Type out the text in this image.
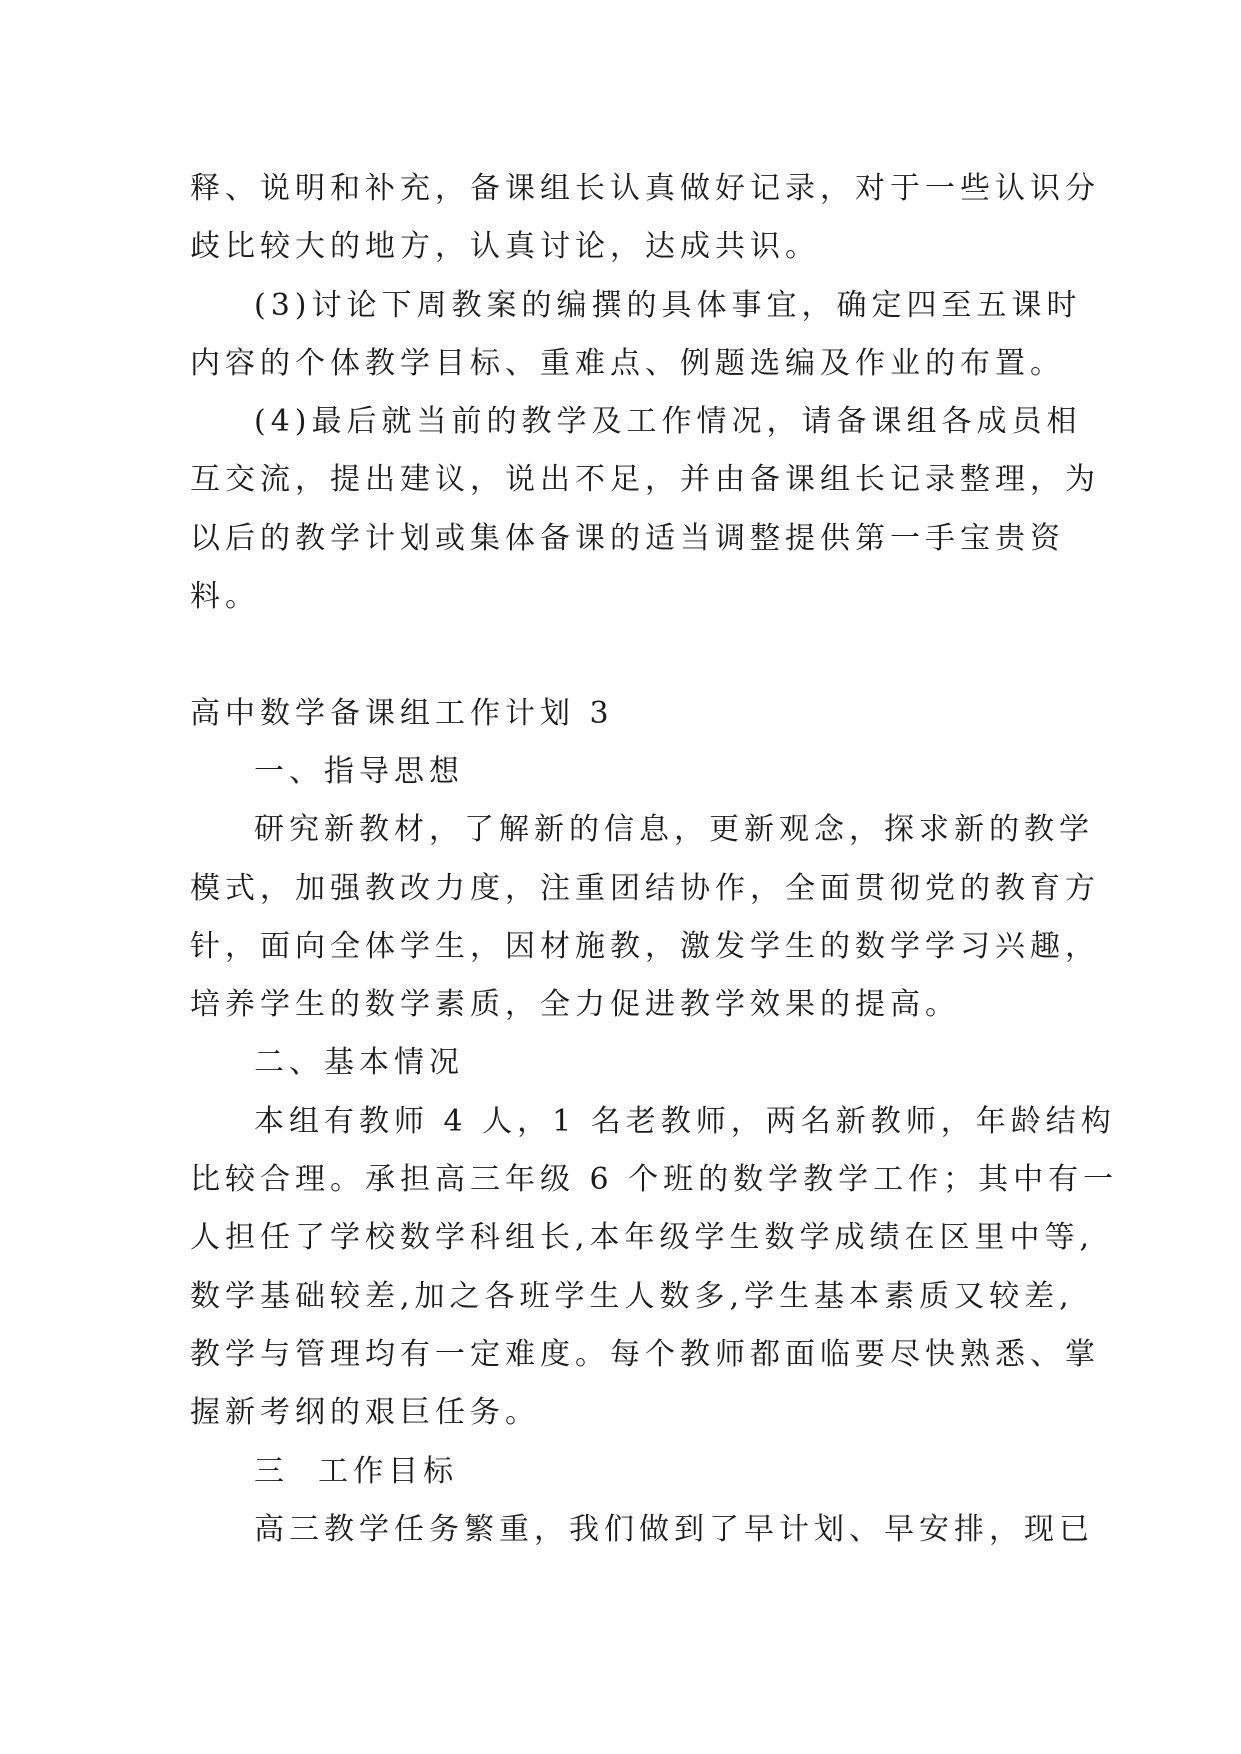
释、说明和补充，备课组长认真做好记录，对于一些认识分
歧比较大的地方，认真讨论，达成共识。
(3)讨论下周教案的编撰的具体事宜，确定四至五课时
内容的个体教学目标、重难点、例题选编及作业的布置。
(4)最后就当前的教学及工作情况，请备课组各成员相
互交流，提出建议，说出不足，并由备课组长记录整理，为
以后的教学计划或集体备课的适当调整提供第一手宝贵资
料。
高中数学备课组工作计划 3
一、指导思想
研究新教材，了解新的信息，更新观念，探求新的教学
模式，加强教改力度，注重团结协作，全面贯彻党的教育方
针，面向全体学生，因材施教，激发学生的数学学习兴趣，
培养学生的数学素质，全力促进教学效果的提高。
二、基本情况
本组有教师 4 人，1 名老教师，两名新教师，年龄结构
比较合理。承担高三年级 6 个班的数学教学工作；其中有一
人担任了学校数学科组长,本年级学生数学成绩在区里中等,
数学基础较差,加之各班学生人数多,学生基本素质又较差,
教学与管理均有一定难度。每个教师都面临要尽快熟悉、掌
握新考纲的艰巨任务。
三  工作目标
高三教学任务繁重，我们做到了早计划、早安排，现已
